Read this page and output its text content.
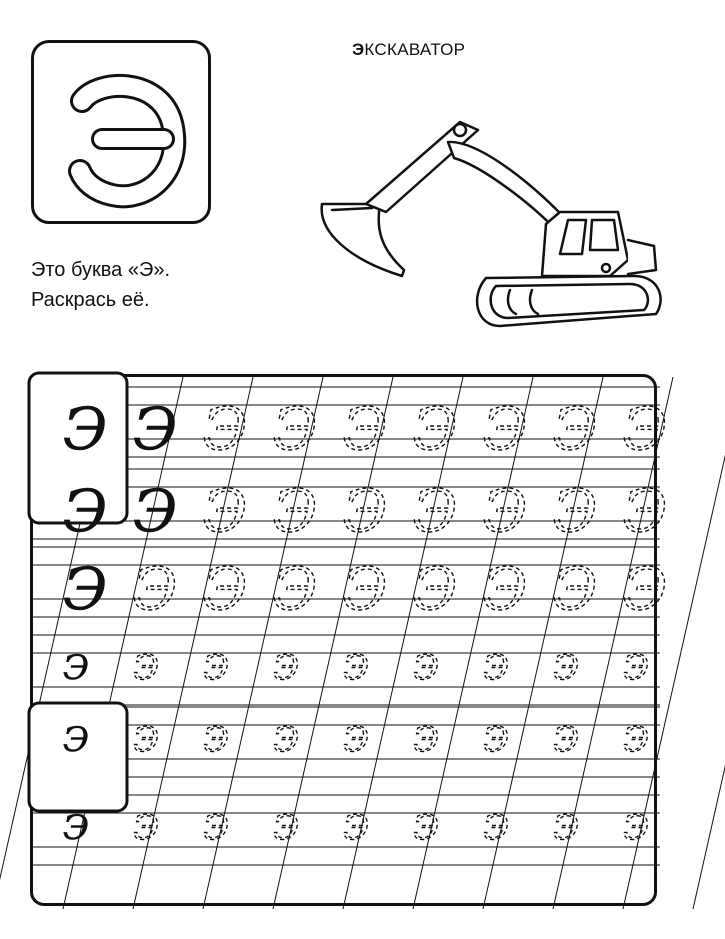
ЭКСКАВАТОР
Это буква «Э».
Раскрась её.
Э Э Э Э Э Э Э Э Э
Э Э Э Э Э Э Э Э Э
Э Э Э Э Э Э Э Э Э
Э Э Э Э Э Э Э Э Э
Э Э Э Э Э Э Э Э Э
Э Э Э Э Э Э Э Э Э
